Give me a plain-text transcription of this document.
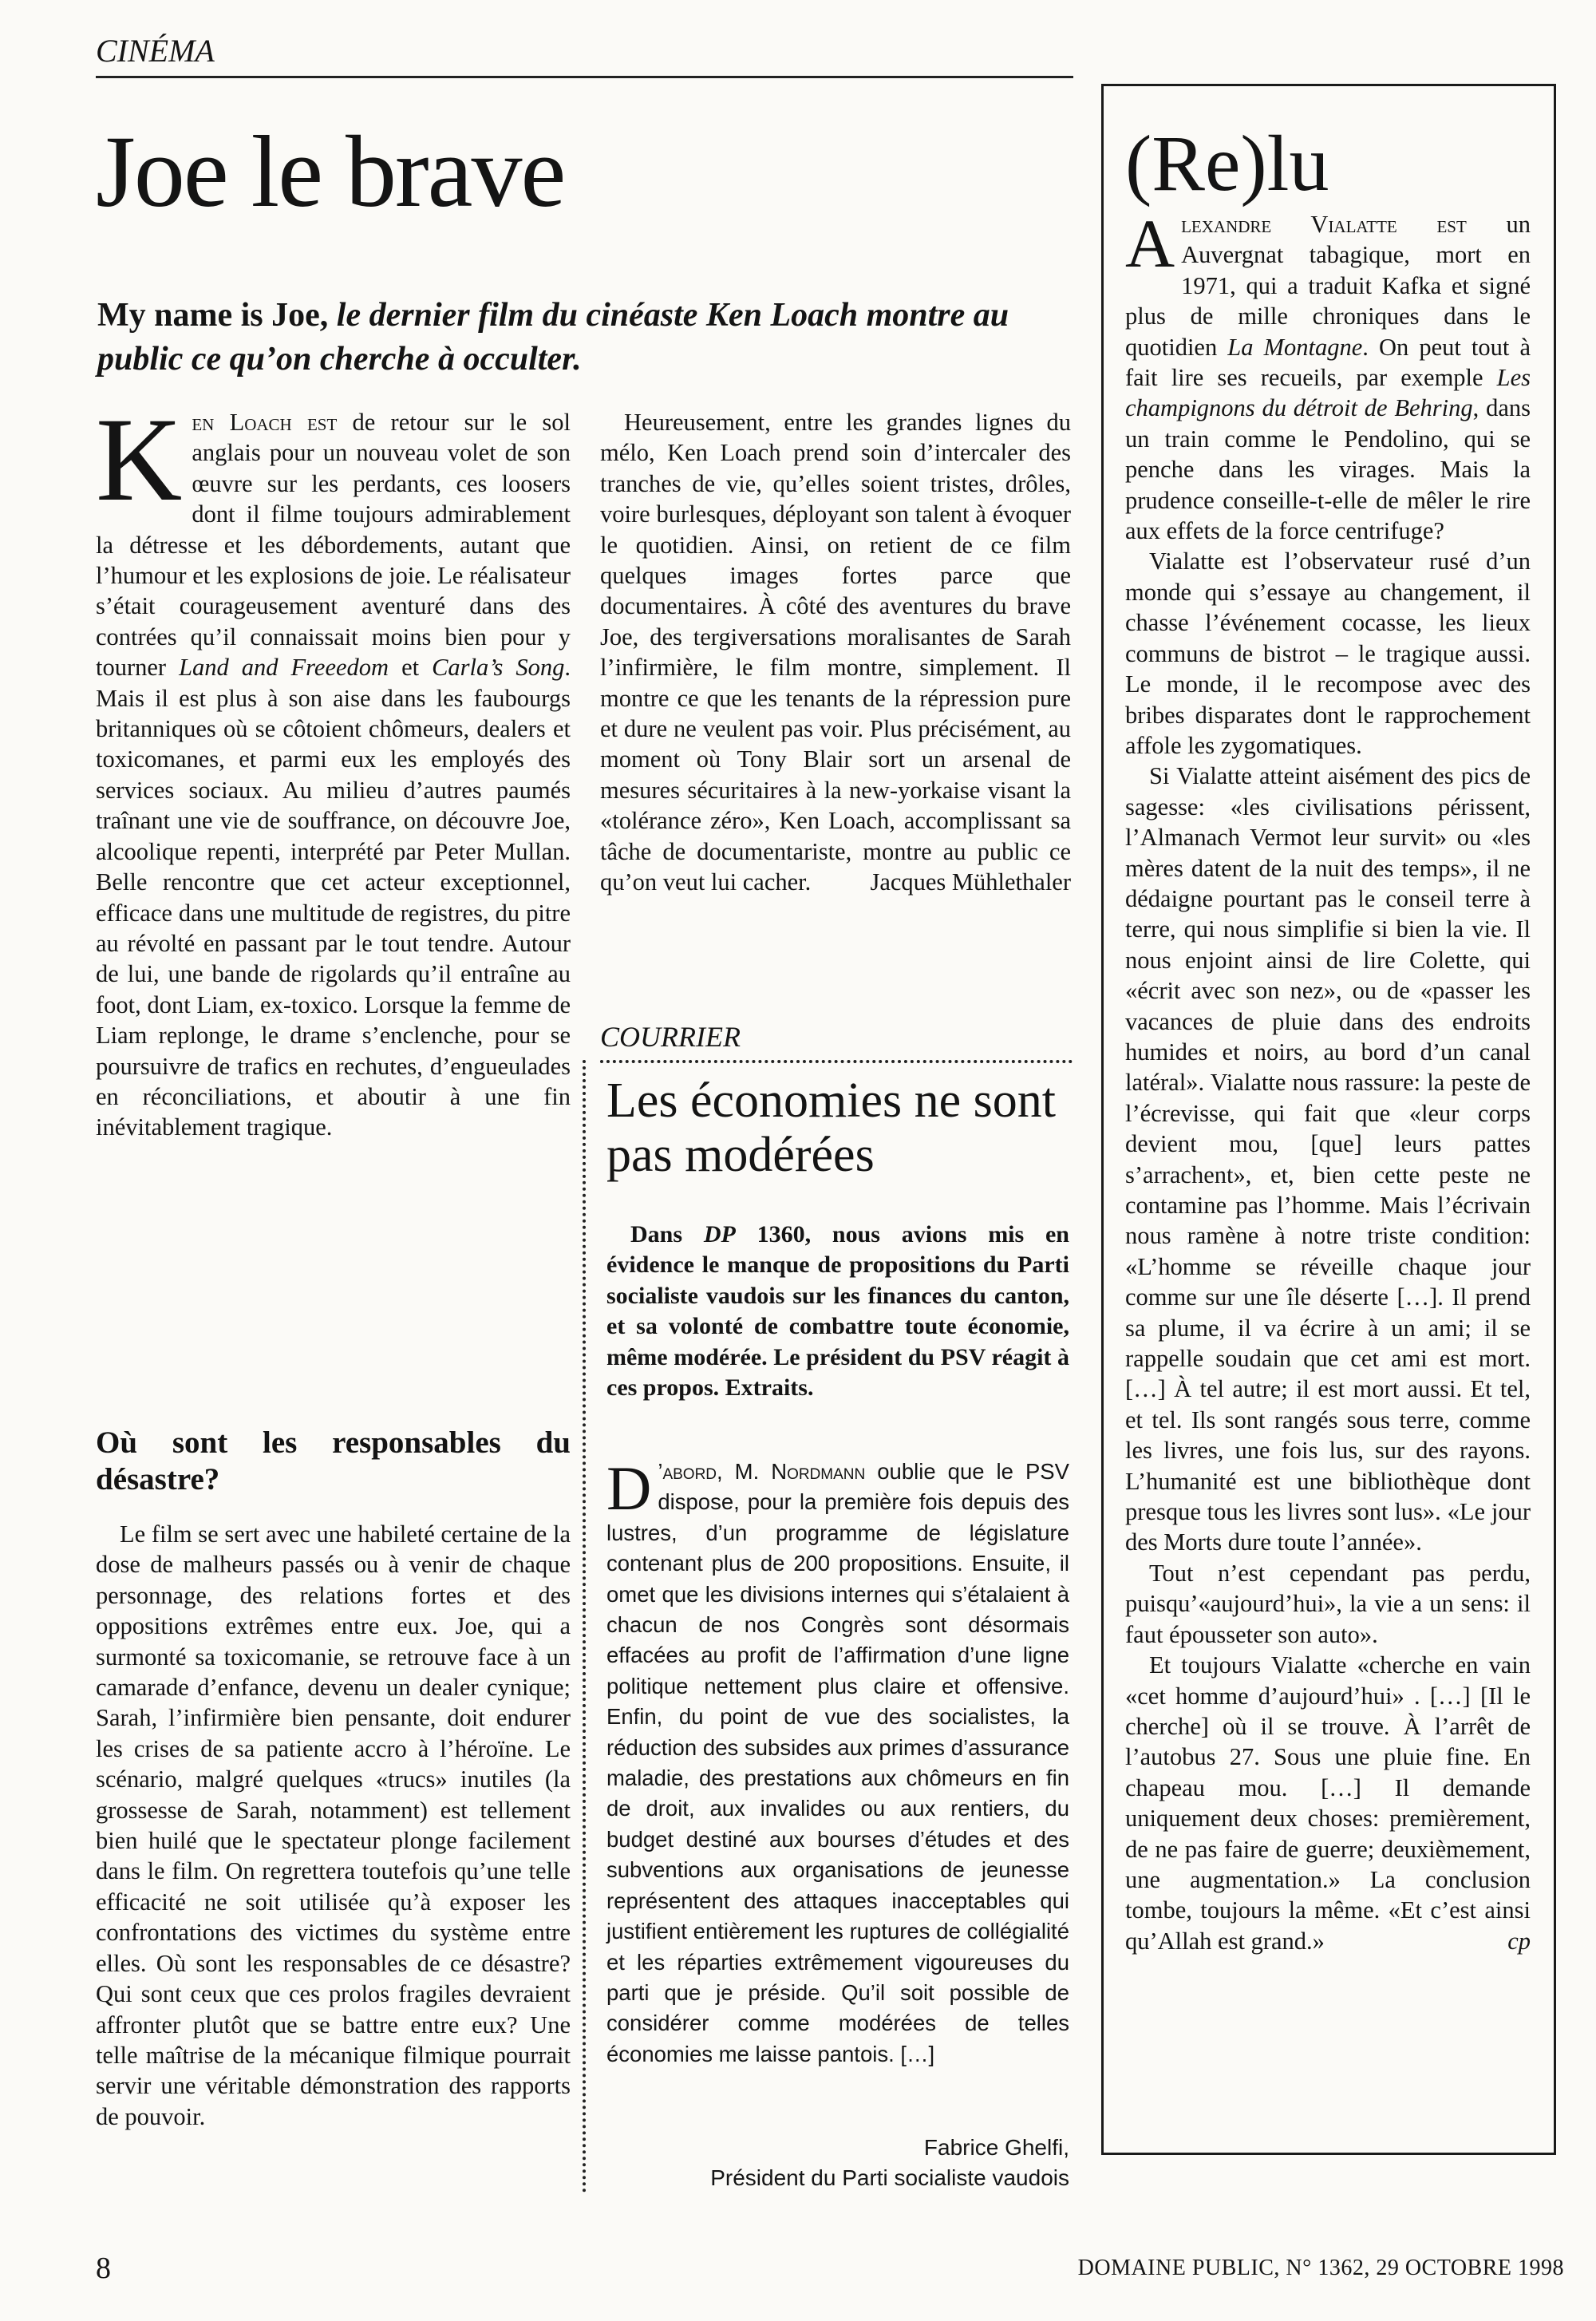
CINÉMA
Joe le brave
My name is Joe, le dernier film du cinéaste Ken Loach montre au public ce qu’on cherche à occulter.

Ken Loach est de retour sur le sol anglais pour un nouveau volet de son œuvre sur les perdants, ces loosers dont il filme toujours admirablement la détresse et les débordements, autant que l’humour et les explosions de joie. Le réalisateur s’était courageusement aventuré dans des contrées qu’il connaissait moins bien pour y tourner Land and Freeedom et Carla’s Song. Mais il est plus à son aise dans les faubourgs britanniques où se côtoient chômeurs, dealers et toxicomanes, et parmi eux les employés des services sociaux. Au milieu d’autres paumés traînant une vie de souffrance, on découvre Joe, alcoolique repenti, interprété par Peter Mullan. Belle rencontre que cet acteur exceptionnel, efficace dans une multitude de registres, du pitre au révolté en passant par le tout tendre. Autour de lui, une bande de rigolards qu’il entraîne au foot, dont Liam, ex-toxico. Lorsque la femme de Liam replonge, le drame s’enclenche, pour se poursuivre de trafics en rechutes, d’engueulades en réconciliations, et aboutir à une fin inévitablement tragique.

Où sont les responsables du désastre?

Le film se sert avec une habileté certaine de la dose de malheurs passés ou à venir de chaque personnage, des relations fortes et des oppositions extrêmes entre eux. Joe, qui a surmonté sa toxicomanie, se retrouve face à un camarade d’enfance, devenu un dealer cynique; Sarah, l’infirmière bien pensante, doit endurer les crises de sa patiente accro à l’héroïne. Le scénario, malgré quelques «trucs» inutiles (la grossesse de Sarah, notamment) est tellement bien huilé que le spectateur plonge facilement dans le film. On regrettera toutefois qu’une telle efficacité ne soit utilisée qu’à exposer les confrontations des victimes du système entre elles. Où sont les responsables de ce désastre? Qui sont ceux que ces prolos fragiles devraient affronter plutôt que se battre entre eux? Une telle maîtrise de la mécanique filmique pourrait servir une véritable démonstration des rapports de pouvoir.

Heureusement, entre les grandes lignes du mélo, Ken Loach prend soin d’intercaler des tranches de vie, qu’elles soient tristes, drôles, voire burlesques, déployant son talent à évoquer le quotidien. Ainsi, on retient de ce film quelques images fortes parce que documentaires. À côté des aventures du brave Joe, des tergiversations moralisantes de Sarah l’infirmière, le film montre, simplement. Il montre ce que les tenants de la répression pure et dure ne veulent pas voir. Plus précisément, au moment où Tony Blair sort un arsenal de mesures sécuritaires à la new-yorkaise visant la «tolérance zéro», Ken Loach, accomplissant sa tâche de documentariste, montre au public ce qu’on veut lui cacher.	Jacques Mühlethaler

COURRIER
Les économies ne sont pas modérées
Dans DP 1360, nous avions mis en évidence le manque de propositions du Parti socialiste vaudois sur les finances du canton, et sa volonté de combattre toute économie, même modérée. Le président du PSV réagit à ces propos. Extraits.
D ’abord, M. Nordmann oublie que le PSV dispose, pour la première fois depuis des lustres, d’un programme de législature contenant plus de 200 propositions. Ensuite, il omet que les divisions internes qui s’étalaient à chacun de nos Congrès sont désormais effacées au profit de l’affirmation d’une ligne politique nettement plus claire et offensive. Enfin, du point de vue des socialistes, la réduction des subsides aux primes d’assurance maladie, des prestations aux chômeurs en fin de droit, aux invalides ou aux rentiers, du budget destiné aux bourses d’études et des subventions aux organisations de jeunesse représentent des attaques inacceptables qui justifient entièrement les ruptures de collégialité et les réparties extrêmement vigoureuses du parti que je préside. Qu’il soit possible de considérer comme modérées de telles économies me laisse pantois. […]
Fabrice Ghelfi,
Président du Parti socialiste vaudois
(Re)lu

Alexandre Vialatte est un Auvergnat tabagique, mort en 1971, qui a traduit Kafka et signé plus de mille chroniques dans le quotidien La Montagne. On peut tout à fait lire ses recueils, par exemple Les champignons du détroit de Behring, dans un train comme le Pendolino, qui se penche dans les virages. Mais la prudence conseille-t-elle de mêler le rire aux effets de la force centrifuge?

Vialatte est l’observateur rusé d’un monde qui s’essaye au changement, il chasse l’événement cocasse, les lieux communs de bistrot – le tragique aussi. Le monde, il le recompose avec des bribes disparates dont le rapprochement affole les zygomatiques.

Si Vialatte atteint aisément des pics de sagesse: «les civilisations périssent, l’Almanach Vermot leur survit» ou «les mères datent de la nuit des temps», il ne dédaigne pourtant pas le conseil terre à terre, qui nous simplifie si bien la vie. Il nous enjoint ainsi de lire Colette, qui «écrit avec son nez», ou de «passer les vacances de pluie dans des endroits humides et noirs, au bord d’un canal latéral». Vialatte nous rassure: la peste de l’écrevisse, qui fait que «leur corps devient mou, [que] leurs pattes s’arrachent», et, bien cette peste ne contamine pas l’homme. Mais l’écrivain nous ramène à notre triste condition: «L’homme se réveille chaque jour comme sur une île déserte […]. Il prend sa plume, il va écrire à un ami; il se rappelle soudain que cet ami est mort. […] À tel autre; il est mort aussi. Et tel, et tel. Ils sont rangés sous terre, comme les livres, une fois lus, sur des rayons. L’humanité est une bibliothèque dont presque tous les livres sont lus». «Le jour des Morts dure toute l’année».

Tout n’est cependant pas perdu, puisqu’«aujourd’hui», la vie a un sens: il faut épousseter son auto».

Et toujours Vialatte «cherche en vain «cet homme d’aujourd’hui» . […] [Il le cherche] où il se trouve. À l’arrêt de l’autobus 27. Sous une pluie fine. En chapeau mou. […] Il demande uniquement deux choses: premièrement, de ne pas faire de guerre; deuxièmement, une augmentation.» La conclusion tombe, toujours la même. «Et c’est ainsi qu’Allah est grand.»	cp

8	DOMAINE PUBLIC, N° 1362, 29 OCTOBRE 1998
